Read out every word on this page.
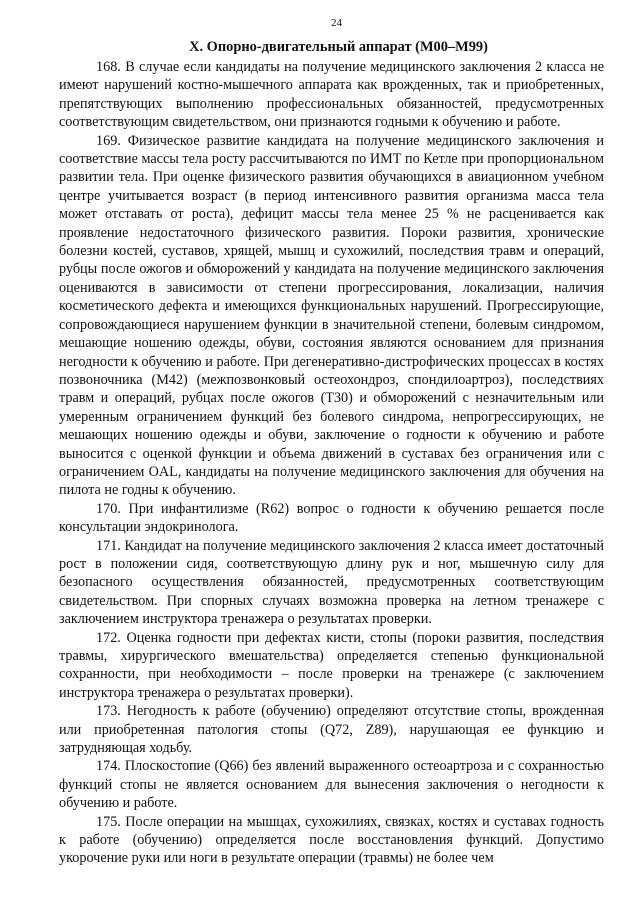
24
X. Опорно-двигательный аппарат (M00–M99)

168. В случае если кандидаты на получение медицинского заключения 2 класса не имеют нарушений костно-мышечного аппарата как врожденных, так и приобретенных, препятствующих выполнению профессиональных обязанностей, предусмотренных соответствующим свидетельством, они признаются годными к обучению и работе.

169. Физическое развитие кандидата на получение медицинского заключения и соответствие массы тела росту рассчитываются по ИМТ по Кетле при пропорциональном развитии тела. При оценке физического развития обучающихся в авиационном учебном центре учитывается возраст (в период интенсивного развития организма масса тела может отставать от роста), дефицит массы тела менее 25 % не расценивается как проявление недостаточного физического развития. Пороки развития, хронические болезни костей, суставов, хрящей, мышц и сухожилий, последствия травм и операций, рубцы после ожогов и обморожений у кандидата на получение медицинского заключения оцениваются в зависимости от степени прогрессирования, локализации, наличия косметического дефекта и имеющихся функциональных нарушений. Прогрессирующие, сопровождающиеся нарушением функции в значительной степени, болевым синдромом, мешающие ношению одежды, обуви, состояния являются основанием для признания негодности к обучению и работе. При дегенеративно-дистрофических процессах в костях позвоночника (M42) (межпозвонковый остеохондроз, спондилоартроз), последствиях травм и операций, рубцах после ожогов (T30) и обморожений с незначительным или умеренным ограничением функций без болевого синдрома, непрогрессирующих, не мешающих ношению одежды и обуви, заключение о годности к обучению и работе выносится с оценкой функции и объема движений в суставах без ограничения или с ограничением OAL, кандидаты на получение медицинского заключения для обучения на пилота не годны к обучению.

170. При инфантилизме (R62) вопрос о годности к обучению решается после консультации эндокринолога.

171. Кандидат на получение медицинского заключения 2 класса имеет достаточный рост в положении сидя, соответствующую длину рук и ног, мышечную силу для безопасного осуществления обязанностей, предусмотренных соответствующим свидетельством. При спорных случаях возможна проверка на летном тренажере с заключением инструктора тренажера о результатах проверки.

172. Оценка годности при дефектах кисти, стопы (пороки развития, последствия травмы, хирургического вмешательства) определяется степенью функциональной сохранности, при необходимости – после проверки на тренажере (с заключением инструктора тренажера о результатах проверки).

173. Негодность к работе (обучению) определяют отсутствие стопы, врожденная или приобретенная патология стопы (Q72, Z89), нарушающая ее функцию и затрудняющая ходьбу.

174. Плоскостопие (Q66) без явлений выраженного остеоартроза и с сохранностью функций стопы не является основанием для вынесения заключения о негодности к обучению и работе.

175. После операции на мышцах, сухожилиях, связках, костях и суставах годность к работе (обучению) определяется после восстановления функций. Допустимо укорочение руки или ноги в результате операции (травмы) не более чем
